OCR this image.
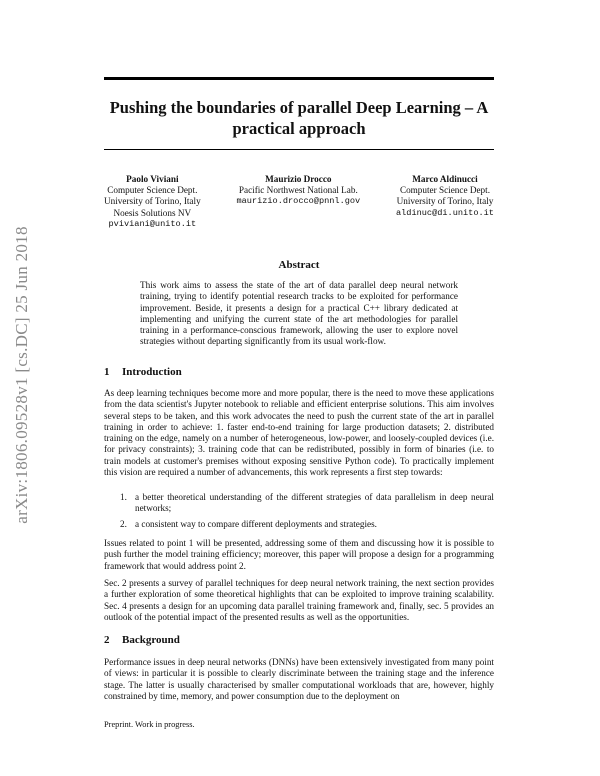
arXiv:1806.09528v1 [cs.DC] 25 Jun 2018
Pushing the boundaries of parallel Deep Learning – A practical approach
Paolo Viviani
Computer Science Dept.
University of Torino, Italy
Noesis Solutions NV
pviviani@unito.it
Maurizio Drocco
Pacific Northwest National Lab.
maurizio.drocco@pnnl.gov
Marco Aldinucci
Computer Science Dept.
University of Torino, Italy
aldinuc@di.unito.it
Abstract

This work aims to assess the state of the art of data parallel deep neural network training, trying to identify potential research tracks to be exploited for performance improvement. Beside, it presents a design for a practical C++ library dedicated at implementing and unifying the current state of the art methodologies for parallel training in a performance-conscious framework, allowing the user to explore novel strategies without departing significantly from its usual work-flow.

1 Introduction

As deep learning techniques become more and more popular, there is the need to move these applications from the data scientist's Jupyter notebook to reliable and efficient enterprise solutions. This aim involves several steps to be taken, and this work advocates the need to push the current state of the art in parallel training in order to achieve: 1. faster end-to-end training for large production datasets; 2. distributed training on the edge, namely on a number of heterogeneous, low-power, and loosely-coupled devices (i.e. for privacy constraints); 3. training code that can be redistributed, possibly in form of binaries (i.e. to train models at customer's premises without exposing sensitive Python code). To practically implement this vision are required a number of advancements, this work represents a first step towards:

1. a better theoretical understanding of the different strategies of data parallelism in deep neural networks;
2. a consistent way to compare different deployments and strategies.

Issues related to point 1 will be presented, addressing some of them and discussing how it is possible to push further the model training efficiency; moreover, this paper will propose a design for a programming framework that would address point 2.

Sec. 2 presents a survey of parallel techniques for deep neural network training, the next section provides a further exploration of some theoretical highlights that can be exploited to improve training scalability. Sec. 4 presents a design for an upcoming data parallel training framework and, finally, sec. 5 provides an outlook of the potential impact of the presented results as well as the opportunities.

2 Background

Performance issues in deep neural networks (DNNs) have been extensively investigated from many point of views: in particular it is possible to clearly discriminate between the training stage and the inference stage. The latter is usually characterised by smaller computational workloads that are, however, highly constrained by time, memory, and power consumption due to the deployment on

Preprint. Work in progress.
